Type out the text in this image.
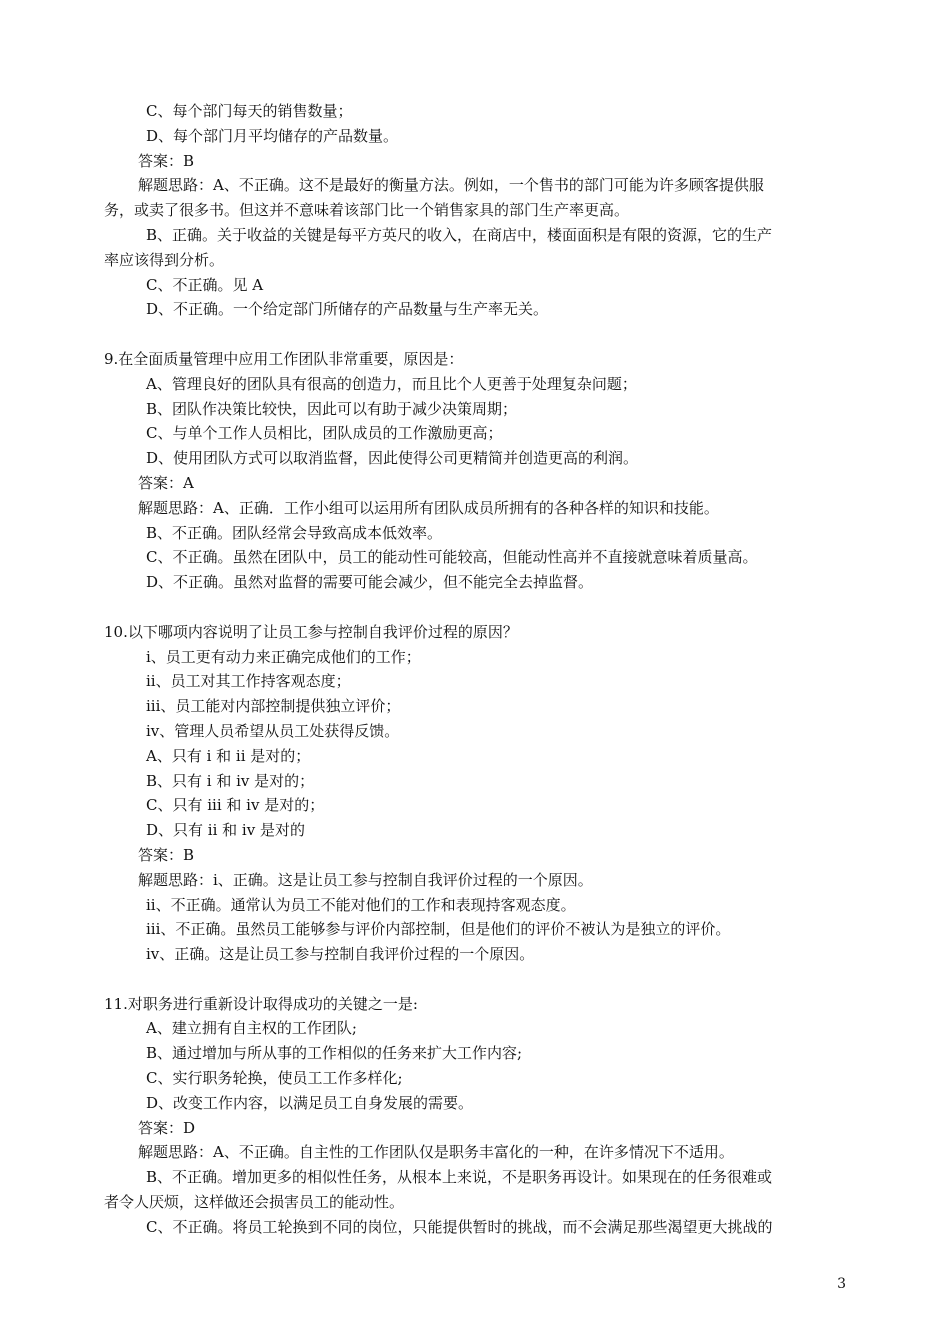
C、每个部门每天的销售数量；
D、每个部门月平均储存的产品数量。
答案：B
解题思路：A、不正确。这不是最好的衡量方法。例如，一个售书的部门可能为许多顾客提供服
务，或卖了很多书。但这并不意味着该部门比一个销售家具的部门生产率更高。
B、正确。关于收益的关键是每平方英尺的收入，在商店中，楼面面积是有限的资源，它的生产
率应该得到分析。
C、不正确。见 A
D、不正确。一个给定部门所储存的产品数量与生产率无关。
9.在全面质量管理中应用工作团队非常重要，原因是：
A、管理良好的团队具有很高的创造力，而且比个人更善于处理复杂问题；
B、团队作决策比较快，因此可以有助于减少决策周期；
C、与单个工作人员相比，团队成员的工作激励更高；
D、使用团队方式可以取消监督，因此使得公司更精简并创造更高的利润。
答案：A
解题思路：A、正确．工作小组可以运用所有团队成员所拥有的各种各样的知识和技能。
B、不正确。团队经常会导致高成本低效率。
C、不正确。虽然在团队中，员工的能动性可能较高，但能动性高并不直接就意味着质量高。
D、不正确。虽然对监督的需要可能会减少，但不能完全去掉监督。
10.以下哪项内容说明了让员工参与控制自我评价过程的原因？
i、员工更有动力来正确完成他们的工作；
ii、员工对其工作持客观态度；
iii、员工能对内部控制提供独立评价；
iv、管理人员希望从员工处获得反馈。
A、只有 i 和 ii 是对的；
B、只有 i 和 iv 是对的；
C、只有 iii 和 iv 是对的；
D、只有 ii 和 iv 是对的
答案：B
解题思路：i、正确。这是让员工参与控制自我评价过程的一个原因。
ii、不正确。通常认为员工不能对他们的工作和表现持客观态度。
iii、不正确。虽然员工能够参与评价内部控制，但是他们的评价不被认为是独立的评价。
iv、正确。这是让员工参与控制自我评价过程的一个原因。
11.对职务进行重新设计取得成功的关键之一是:
A、建立拥有自主权的工作团队;
B、通过增加与所从事的工作相似的任务来扩大工作内容;
C、实行职务轮换，使员工工作多样化;
D、改变工作内容，以满足员工自身发展的需要。
答案：D
解题思路：A、不正确。自主性的工作团队仅是职务丰富化的一种，在许多情况下不适用。
B、不正确。增加更多的相似性任务，从根本上来说，不是职务再设计。如果现在的任务很难或
者令人厌烦，这样做还会损害员工的能动性。
C、不正确。将员工轮换到不同的岗位，只能提供暂时的挑战，而不会满足那些渴望更大挑战的
3
